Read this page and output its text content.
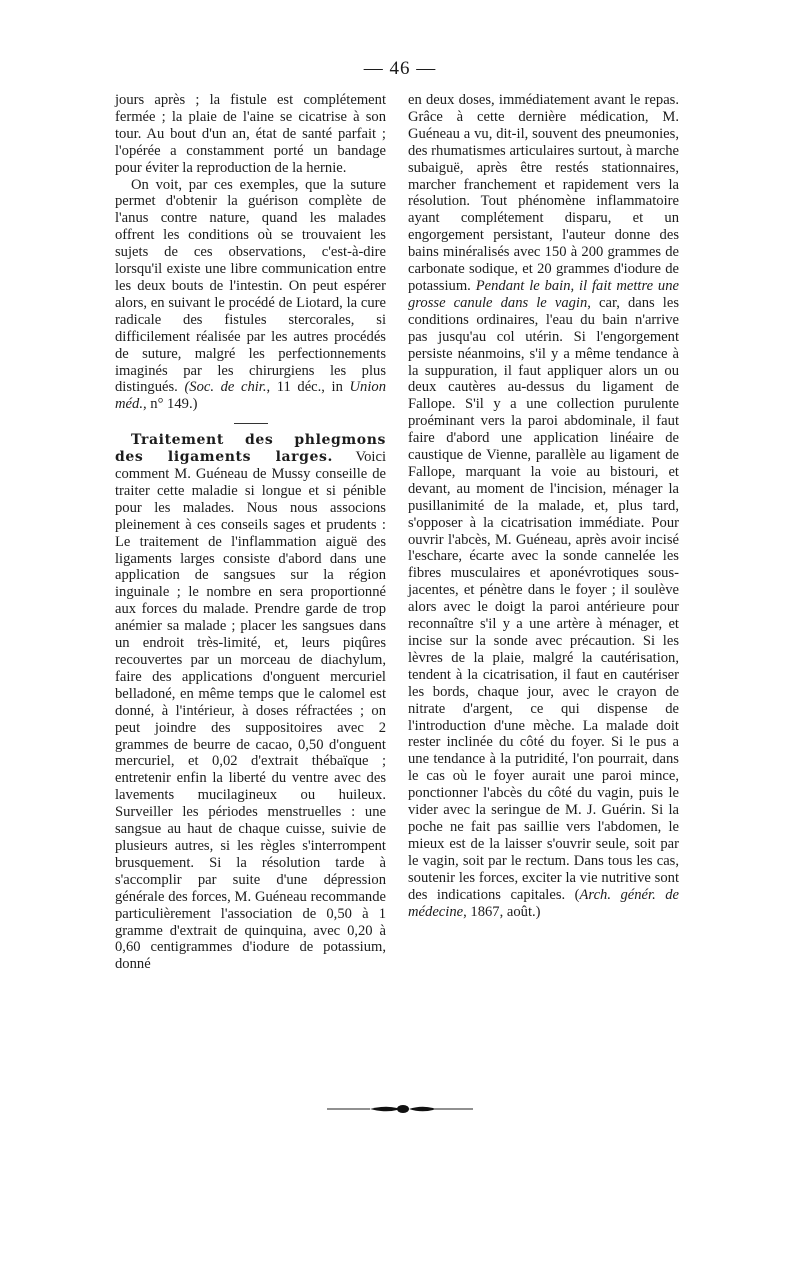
— 46 —

jours après ; la fistule est complétement fermée ; la plaie de l'aine se cicatrise à son tour. Au bout d'un an, état de santé parfait ; l'opérée a constamment porté un bandage pour éviter la reproduction de la hernie.

On voit, par ces exemples, que la suture permet d'obtenir la guérison complète de l'anus contre nature, quand les malades offrent les conditions où se trouvaient les sujets de ces observations, c'est-à-dire lorsqu'il existe une libre communication entre les deux bouts de l'intestin. On peut espérer alors, en suivant le procédé de Liotard, la cure radicale des fistules stercorales, si difficilement réalisée par les autres procédés de suture, malgré les perfectionnements imaginés par les chirurgiens les plus distingués. (Soc. de chir., 11 déc., in Union méd., n° 149.)

Traitement des phlegmons des ligaments larges. Voici comment M. Guéneau de Mussy conseille de traiter cette maladie si longue et si pénible pour les malades. Nous nous associons pleinement à ces conseils sages et prudents : Le traitement de l'inflammation aiguë des ligaments larges consiste d'abord dans une application de sangsues sur la région inguinale ; le nombre en sera proportionné aux forces du malade. Prendre garde de trop anémier sa malade ; placer les sangsues dans un endroit très-limité, et, leurs piqûres recouvertes par un morceau de diachylum, faire des applications d'onguent mercuriel belladoné, en même temps que le calomel est donné, à l'intérieur, à doses réfractées ; on peut joindre des suppositoires avec 2 grammes de beurre de cacao, 0,50 d'onguent mercuriel, et 0,02 d'extrait thébaïque ; entretenir enfin la liberté du ventre avec des lavements mucilagineux ou huileux. Surveiller les périodes menstruelles : une sangsue au haut de chaque cuisse, suivie de plusieurs autres, si les règles s'interrompent brusquement. Si la résolution tarde à s'accomplir par suite d'une dépression générale des forces, M. Guéneau recommande particulièrement l'association de 0,50 à 1 gramme d'extrait de quinquina, avec 0,20 à 0,60 centigrammes d'iodure de potassium, donné

en deux doses, immédiatement avant le repas. Grâce à cette dernière médication, M. Guéneau a vu, dit-il, souvent des pneumonies, des rhumatismes articulaires surtout, à marche subaiguë, après être restés stationnaires, marcher franchement et rapidement vers la résolution. Tout phénomène inflammatoire ayant complétement disparu, et un engorgement persistant, l'auteur donne des bains minéralisés avec 150 à 200 grammes de carbonate sodique, et 20 grammes d'iodure de potassium. Pendant le bain, il fait mettre une grosse canule dans le vagin, car, dans les conditions ordinaires, l'eau du bain n'arrive pas jusqu'au col utérin. Si l'engorgement persiste néanmoins, s'il y a même tendance à la suppuration, il faut appliquer alors un ou deux cautères au-dessus du ligament de Fallope. S'il y a une collection purulente proéminant vers la paroi abdominale, il faut faire d'abord une application linéaire de caustique de Vienne, parallèle au ligament de Fallope, marquant la voie au bistouri, et devant, au moment de l'incision, ménager la pusillanimité de la malade, et, plus tard, s'opposer à la cicatrisation immédiate. Pour ouvrir l'abcès, M. Guéneau, après avoir incisé l'eschare, écarte avec la sonde cannelée les fibres musculaires et aponévrotiques sous-jacentes, et pénètre dans le foyer ; il soulève alors avec le doigt la paroi antérieure pour reconnaître s'il y a une artère à ménager, et incise sur la sonde avec précaution. Si les lèvres de la plaie, malgré la cautérisation, tendent à la cicatrisation, il faut en cautériser les bords, chaque jour, avec le crayon de nitrate d'argent, ce qui dispense de l'introduction d'une mèche. La malade doit rester inclinée du côté du foyer. Si le pus a une tendance à la putridité, l'on pourrait, dans le cas où le foyer aurait une paroi mince, ponctionner l'abcès du côté du vagin, puis le vider avec la seringue de M. J. Guérin. Si la poche ne fait pas saillie vers l'abdomen, le mieux est de la laisser s'ouvrir seule, soit par le vagin, soit par le rectum. Dans tous les cas, soutenir les forces, exciter la vie nutritive sont des indications capitales. (Arch. génér. de médecine, 1867, août.)
